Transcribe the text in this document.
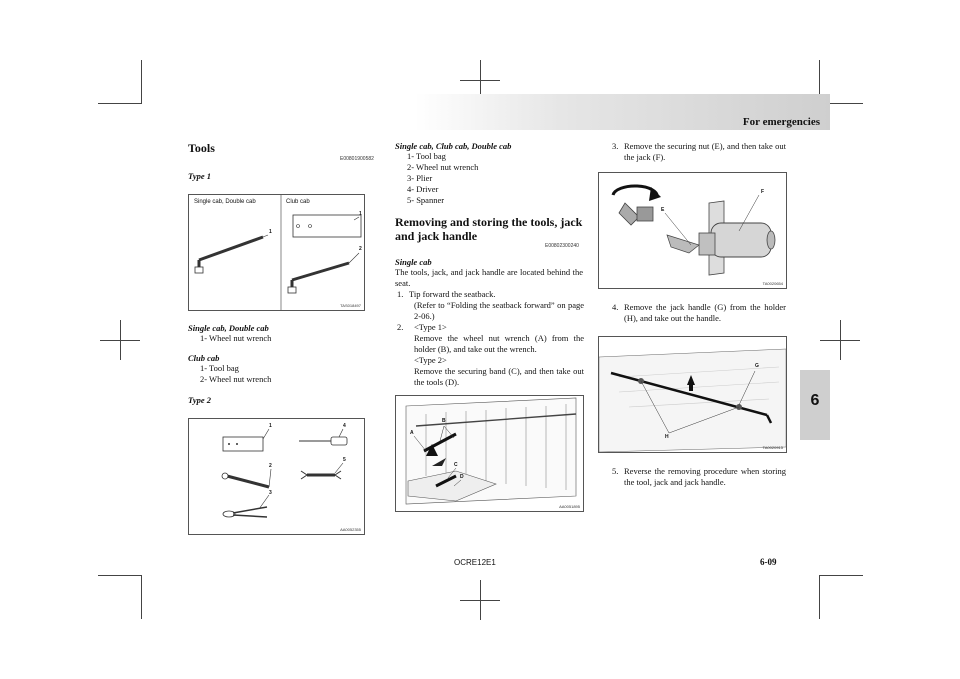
For emergencies
6
Tools
E00801900582
Type 1
Single cab, Double cab	Club cab
1
1
2
TAS018497
Single cab, Double cab
1- Wheel nut wrench
Club cab
1- Tool bag
2- Wheel nut wrench
Type 2
1
2
3
4
5
AA0052355
Single cab, Club cab, Double cab
1- Tool bag
2- Wheel nut wrench
3- Plier
4- Driver
5- Spanner
Removing and storing the tools, jack
and jack handle
E00802300240
Single cab
The tools, jack, and jack handle are located behind the seat.
1. Tip forward the seatback.
(Refer to “Folding the seatback forward” on page 2-06.)
2. <Type 1>
Remove the wheel nut wrench (A) from the holder (B), and take out the wrench.
<Type 2>
Remove the securing band (C), and then take out the tools (D).
A
B
C
D
AA0051895
3. Remove the securing nut (E), and then take out the jack (F).
E
F
TA0020654
4. Remove the jack handle (G) from the holder (H), and take out the handle.
G
H
TA0020915
5. Reverse the removing procedure when storing the tool, jack and jack handle.
OCRE12E1	6-09
